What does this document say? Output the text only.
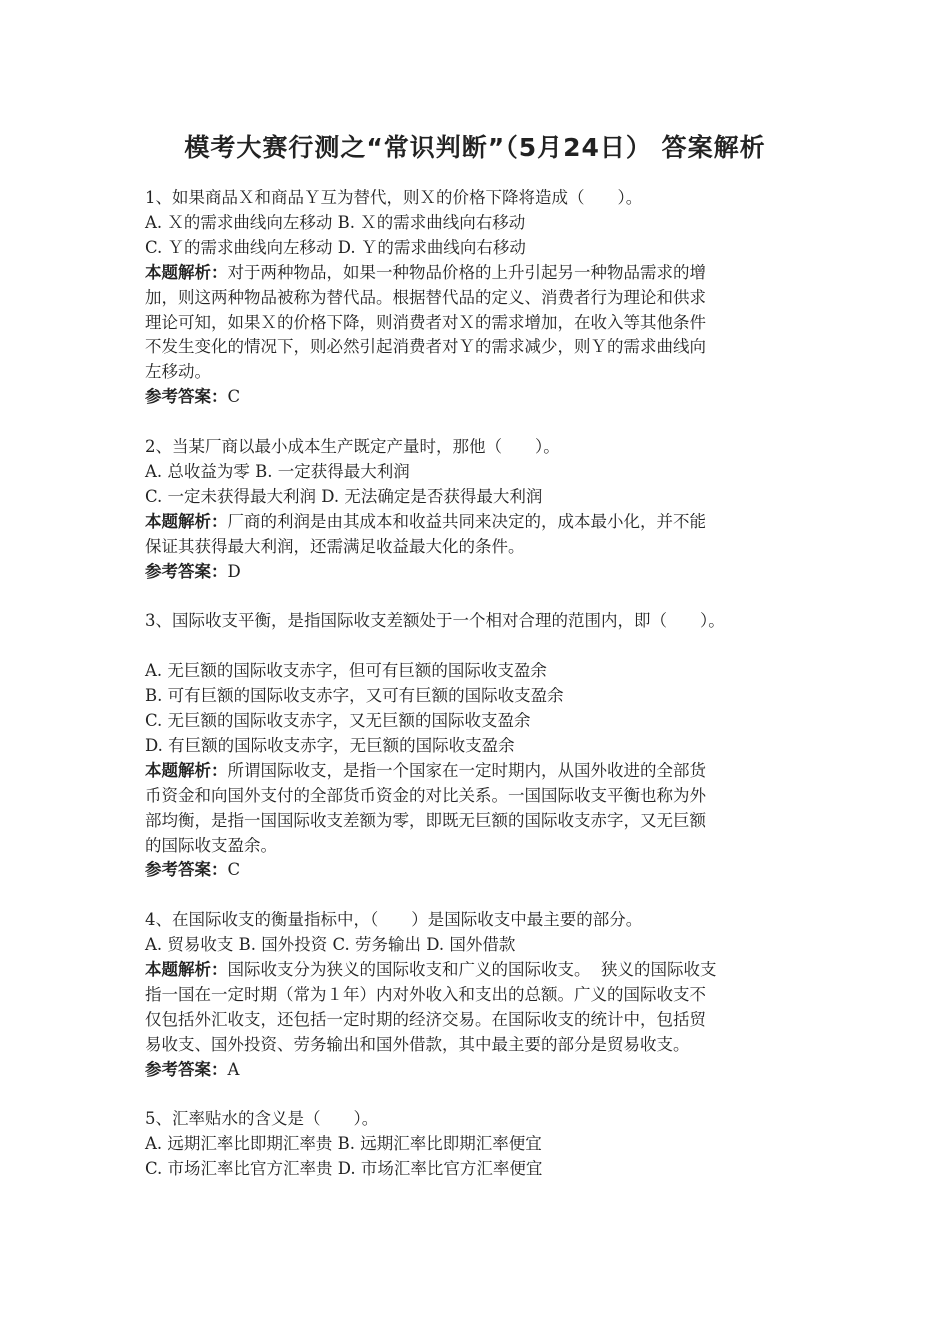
模考大赛行测之“常识判断”（5月24日） 答案解析
1、如果商品Ｘ和商品Ｙ互为替代，则Ｘ的价格下降将造成（　　）。
A. Ｘ的需求曲线向左移动 B. Ｘ的需求曲线向右移动
C. Ｙ的需求曲线向左移动 D. Ｙ的需求曲线向右移动
本题解析：对于两种物品，如果一种物品价格的上升引起另一种物品需求的增
加，则这两种物品被称为替代品。根据替代品的定义、消费者行为理论和供求
理论可知，如果Ｘ的价格下降，则消费者对Ｘ的需求增加，在收入等其他条件
不发生变化的情况下，则必然引起消费者对Ｙ的需求减少，则Ｙ的需求曲线向
左移动。
参考答案：C
2、当某厂商以最小成本生产既定产量时，那他（　　）。
A. 总收益为零 B. 一定获得最大利润
C. 一定未获得最大利润 D. 无法确定是否获得最大利润
本题解析：厂商的利润是由其成本和收益共同来决定的，成本最小化，并不能
保证其获得最大利润，还需满足收益最大化的条件。
参考答案：D
3、国际收支平衡，是指国际收支差额处于一个相对合理的范围内，即（　　）。
A. 无巨额的国际收支赤字，但可有巨额的国际收支盈余
B. 可有巨额的国际收支赤字，又可有巨额的国际收支盈余
C. 无巨额的国际收支赤字，又无巨额的国际收支盈余
D. 有巨额的国际收支赤字，无巨额的国际收支盈余
本题解析：所谓国际收支，是指一个国家在一定时期内，从国外收进的全部货
币资金和向国外支付的全部货币资金的对比关系。一国国际收支平衡也称为外
部均衡，是指一国国际收支差额为零，即既无巨额的国际收支赤字，又无巨额
的国际收支盈余。
参考答案：C
4、在国际收支的衡量指标中，（　　）是国际收支中最主要的部分。
A. 贸易收支 B. 国外投资 C. 劳务输出 D. 国外借款
本题解析：国际收支分为狭义的国际收支和广义的国际收支。  狭义的国际收支
指一国在一定时期（常为１年）内对外收入和支出的总额。广义的国际收支不
仅包括外汇收支，还包括一定时期的经济交易。在国际收支的统计中，包括贸
易收支、国外投资、劳务输出和国外借款，其中最主要的部分是贸易收支。
参考答案：A
5、汇率贴水的含义是（　　）。
A. 远期汇率比即期汇率贵 B. 远期汇率比即期汇率便宜
C. 市场汇率比官方汇率贵 D. 市场汇率比官方汇率便宜
